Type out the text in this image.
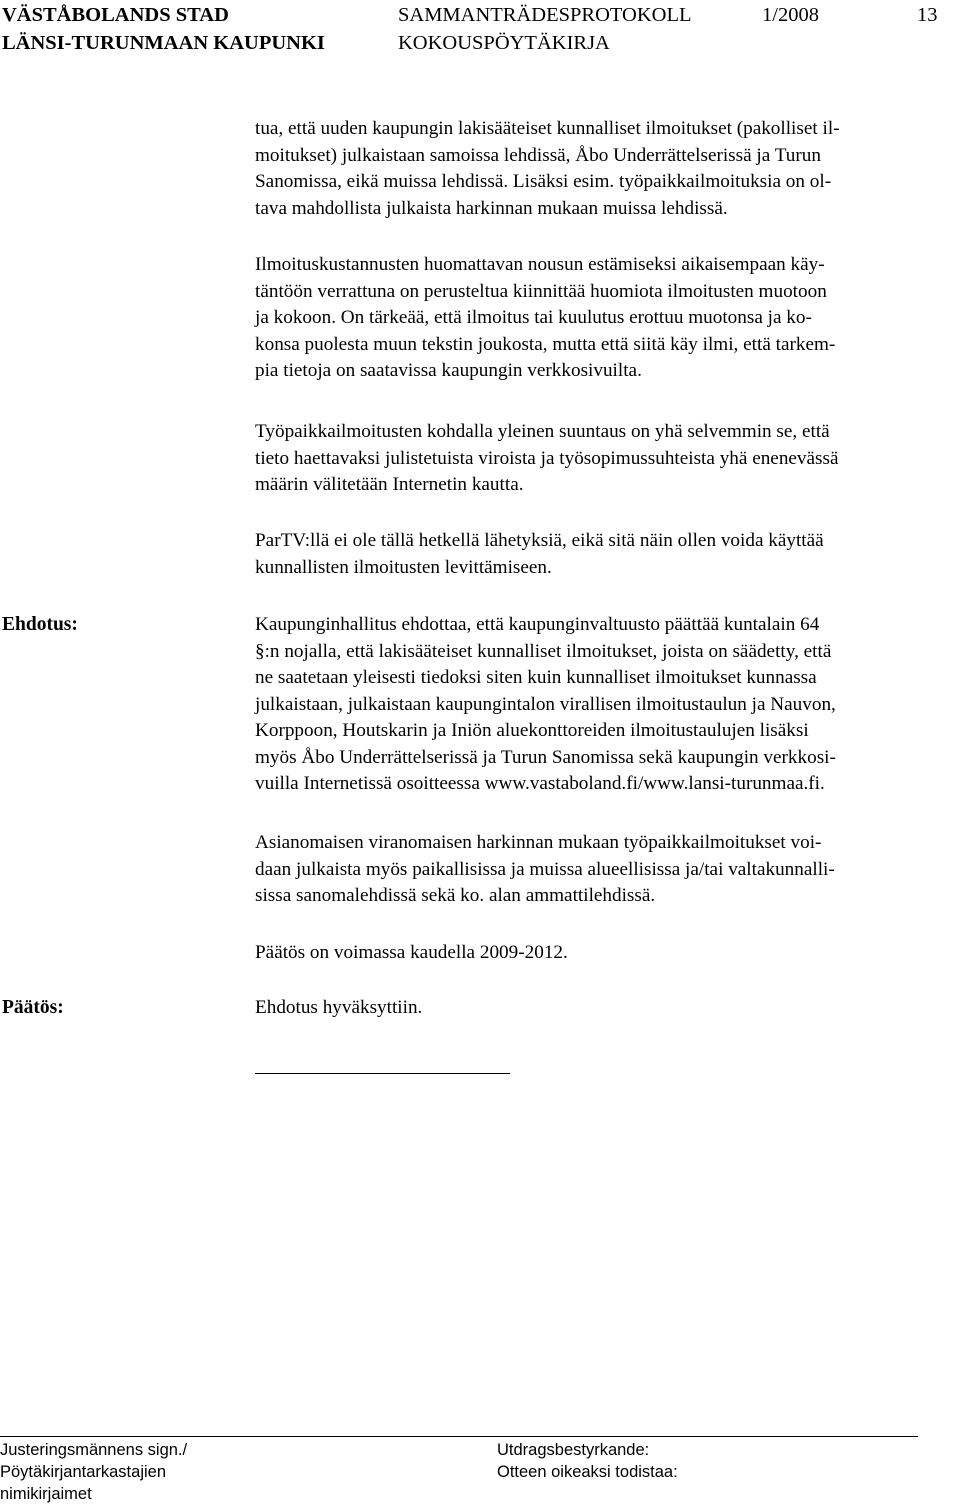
VÄSTÅBOLANDS STAD
LÄNSI-TURUNMAAN KAUPUNKI
SAMMANTRÄDESPROTOKOLL
KOKOUSPÖYTÄKIRJA
1/2008	13
tua, että uuden kaupungin lakisääteiset kunnalliset ilmoitukset (pakolliset il-
moitukset) julkaistaan samoissa lehdissä, Åbo Underrättelserissä ja Turun
Sanomissa, eikä muissa lehdissä. Lisäksi esim. työpaikkailmoituksia on ol-
tava mahdollista julkaista harkinnan mukaan muissa lehdissä.
Ilmoituskustannusten huomattavan nousun estämiseksi aikaisempaan käy-
täntöön verrattuna on perusteltua kiinnittää huomiota ilmoitusten muotoon
ja kokoon. On tärkeää, että ilmoitus tai kuulutus erottuu muotonsa ja ko-
konsa puolesta muun tekstin joukosta, mutta että siitä käy ilmi, että tarkem-
pia tietoja on saatavissa kaupungin verkkosivuilta.
Työpaikkailmoitusten kohdalla yleinen suuntaus on yhä selvemmin se, että
tieto haettavaksi julistetuista viroista ja työsopimussuhteista yhä enenevässä
määrin välitetään Internetin kautta.
ParTV:llä ei ole tällä hetkellä lähetyksiä, eikä sitä näin ollen voida käyttää
kunnallisten ilmoitusten levittämiseen.
Ehdotus:	Kaupunginhallitus ehdottaa, että kaupunginvaltuusto päättää kuntalain 64
§:n nojalla, että lakisääteiset kunnalliset ilmoitukset, joista on säädetty, että
ne saatetaan yleisesti tiedoksi siten kuin kunnalliset ilmoitukset kunnassa
julkaistaan, julkaistaan kaupungintalon virallisen ilmoitustaulun ja Nauvon,
Korppoon, Houtskarin ja Iniön aluekonttoreiden ilmoitustaulujen lisäksi
myös Åbo Underrättelserissä ja Turun Sanomissa sekä kaupungin verkkosi-
vuilla Internetissä osoitteessa www.vastaboland.fi/www.lansi-turunmaa.fi.
Asianomaisen viranomaisen harkinnan mukaan työpaikkailmoitukset voi-
daan julkaista myös paikallisissa ja muissa alueellisissa ja/tai valtakunnalli-
sissa sanomalehdissä sekä ko. alan ammattilehdissä.
Päätös on voimassa kaudella 2009-2012.
Päätös:	Ehdotus hyväksyttiin.
Justeringsmännens sign./
Pöytäkirjantarkastajien
nimikirjaimet
Utdragsbestyrkande:
Otteen oikeaksi todistaa:
